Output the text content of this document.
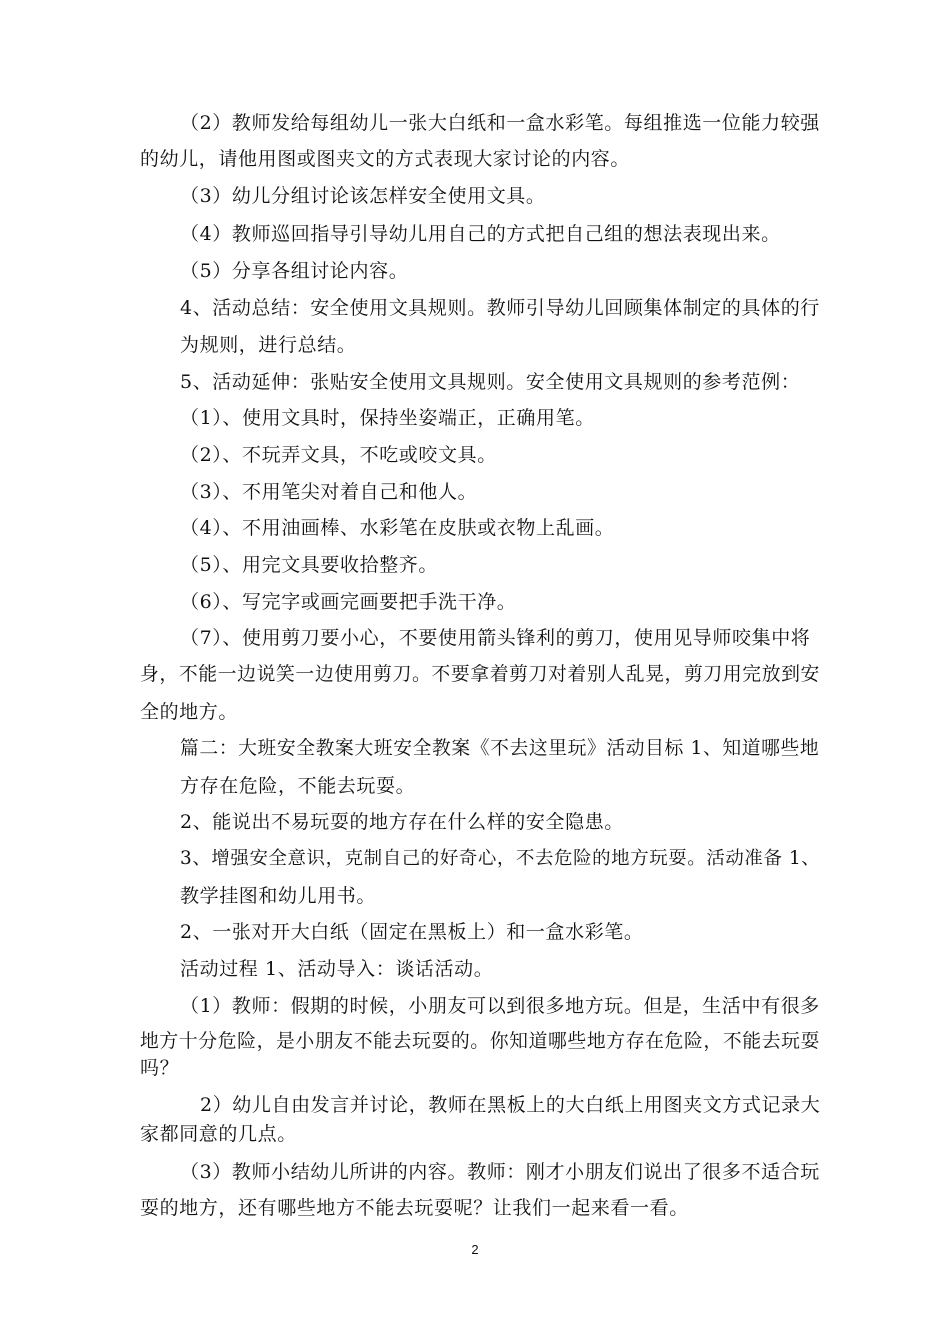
（2）教师发给每组幼儿一张大白纸和一盒水彩笔。每组推选一位能力较强
的幼儿，请他用图或图夹文的方式表现大家讨论的内容。
（3）幼儿分组讨论该怎样安全使用文具。
（4）教师巡回指导引导幼儿用自己的方式把自己组的想法表现出来。
（5）分享各组讨论内容。
4、活动总结：安全使用文具规则。教师引导幼儿回顾集体制定的具体的行
为规则，进行总结。
5、活动延伸：张贴安全使用文具规则。安全使用文具规则的参考范例：
（1）、使用文具时，保持坐姿端正，正确用笔。
（2）、不玩弄文具，不吃或咬文具。
（3）、不用笔尖对着自己和他人。
（4）、不用油画棒、水彩笔在皮肤或衣物上乱画。
（5）、用完文具要收拾整齐。
（6）、写完字或画完画要把手洗干净。
（7）、使用剪刀要小心，不要使用箭头锋利的剪刀，使用见导师咬集中将
身，不能一边说笑一边使用剪刀。不要拿着剪刀对着别人乱晃，剪刀用完放到安
全的地方。
篇二：大班安全教案大班安全教案《不去这里玩》活动目标 1、知道哪些地
方存在危险，不能去玩耍。
2、能说出不易玩耍的地方存在什么样的安全隐患。
3、增强安全意识，克制自己的好奇心，不去危险的地方玩耍。活动准备 1、
教学挂图和幼儿用书。
2、一张对开大白纸（固定在黑板上）和一盒水彩笔。
活动过程 1、活动导入：谈话活动。
（1）教师：假期的时候，小朋友可以到很多地方玩。但是，生活中有很多
地方十分危险，是小朋友不能去玩耍的。你知道哪些地方存在危险，不能去玩耍
吗？
2）幼儿自由发言并讨论，教师在黑板上的大白纸上用图夹文方式记录大
家都同意的几点。
（3）教师小结幼儿所讲的内容。教师：刚才小朋友们说出了很多不适合玩
耍的地方，还有哪些地方不能去玩耍呢？让我们一起来看一看。
2
